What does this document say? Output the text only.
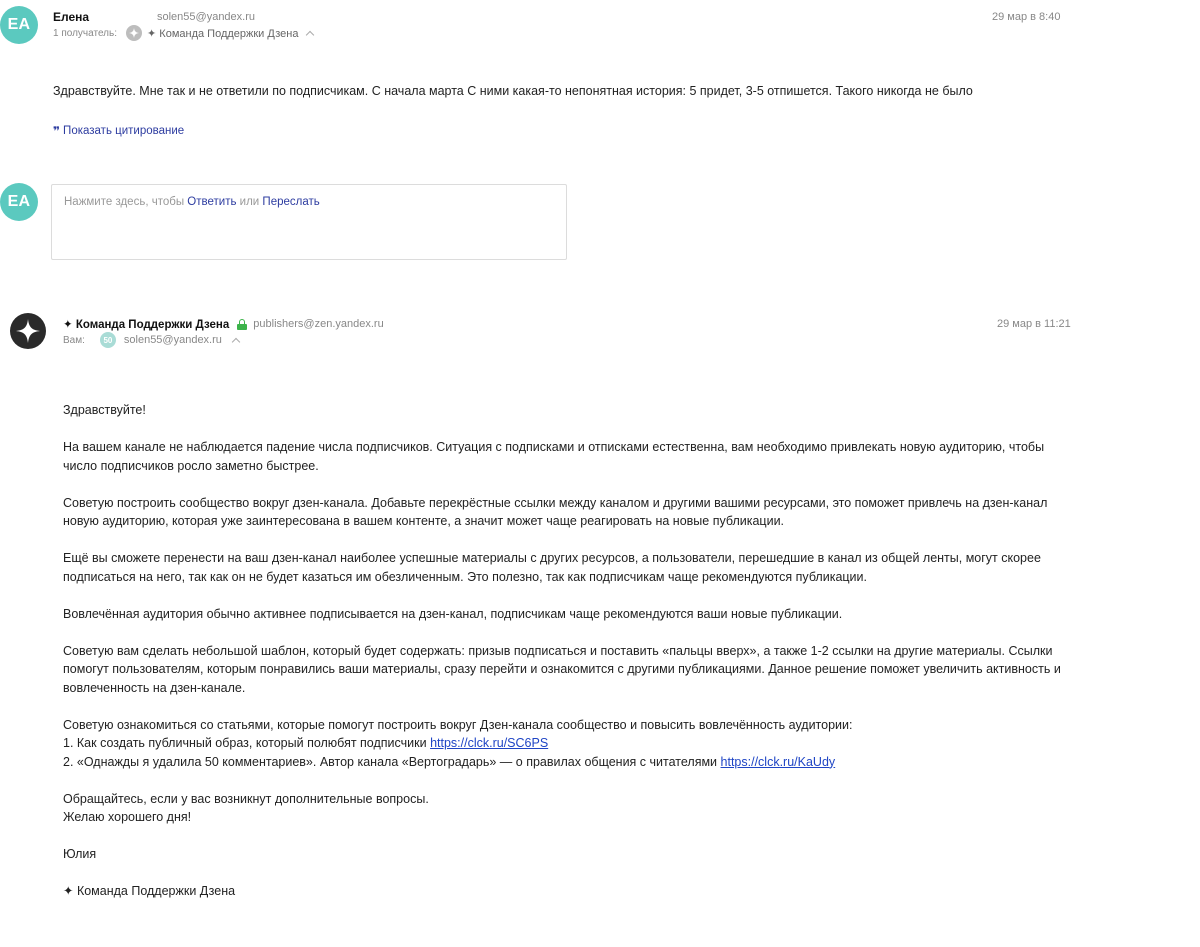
EA	Елена	solen55@yandex.ru
1 получатель:	✦ Команда Поддержки Дзена
29 мар в 8:40
Здравствуйте. Мне так и не ответили по подписчикам. С начала марта С ними какая-то непонятная история: 5 придет, 3-5 отпишется. Такого никогда не было
❞ Показать цитирование
EA	Нажмите здесь, чтобы Ответить или Переслать
✦ Команда Поддержки Дзена publishers@zen.yandex.ru
Вам:	50	solen55@yandex.ru
29 мар в 11:21
Здравствуйте!
На вашем канале не наблюдается падение числа подписчиков. Ситуация с подписками и отписками естественна, вам необходимо привлекать новую аудиторию, чтобы число подписчиков росло заметно быстрее.
Советую построить сообщество вокруг дзен-канала. Добавьте перекрёстные ссылки между каналом и другими вашими ресурсами, это поможет привлечь на дзен-канал новую аудиторию, которая уже заинтересована в вашем контенте, а значит может чаще реагировать на новые публикации.
Ещё вы сможете перенести на ваш дзен-канал наиболее успешные материалы с других ресурсов, а пользователи, перешедшие в канал из общей ленты, могут скорее подписаться на него, так как он не будет казаться им обезличенным. Это полезно, так как подписчикам чаще рекомендуются публикации.
Вовлечённая аудитория обычно активнее подписывается на дзен-канал, подписчикам чаще рекомендуются ваши новые публикации.
Советую вам сделать небольшой шаблон, который будет содержать: призыв подписаться и поставить «пальцы вверх», а также 1-2 ссылки на другие материалы. Ссылки помогут пользователям, которым понравились ваши материалы, сразу перейти и ознакомится с другими публикациями. Данное решение поможет увеличить активность и вовлеченность на дзен-канале.
Советую ознакомиться со статьями, которые помогут построить вокруг Дзен-канала сообщество и повысить вовлечённость аудитории:
1. Как создать публичный образ, который полюбят подписчики https://clck.ru/SC6PS
2. «Однажды я удалила 50 комментариев». Автор канала «Вертоградарь» — о правилах общения с читателями https://clck.ru/KaUdy
Обращайтесь, если у вас возникнут дополнительные вопросы.
Желаю хорошего дня!
Юлия
✦ Команда Поддержки Дзена
